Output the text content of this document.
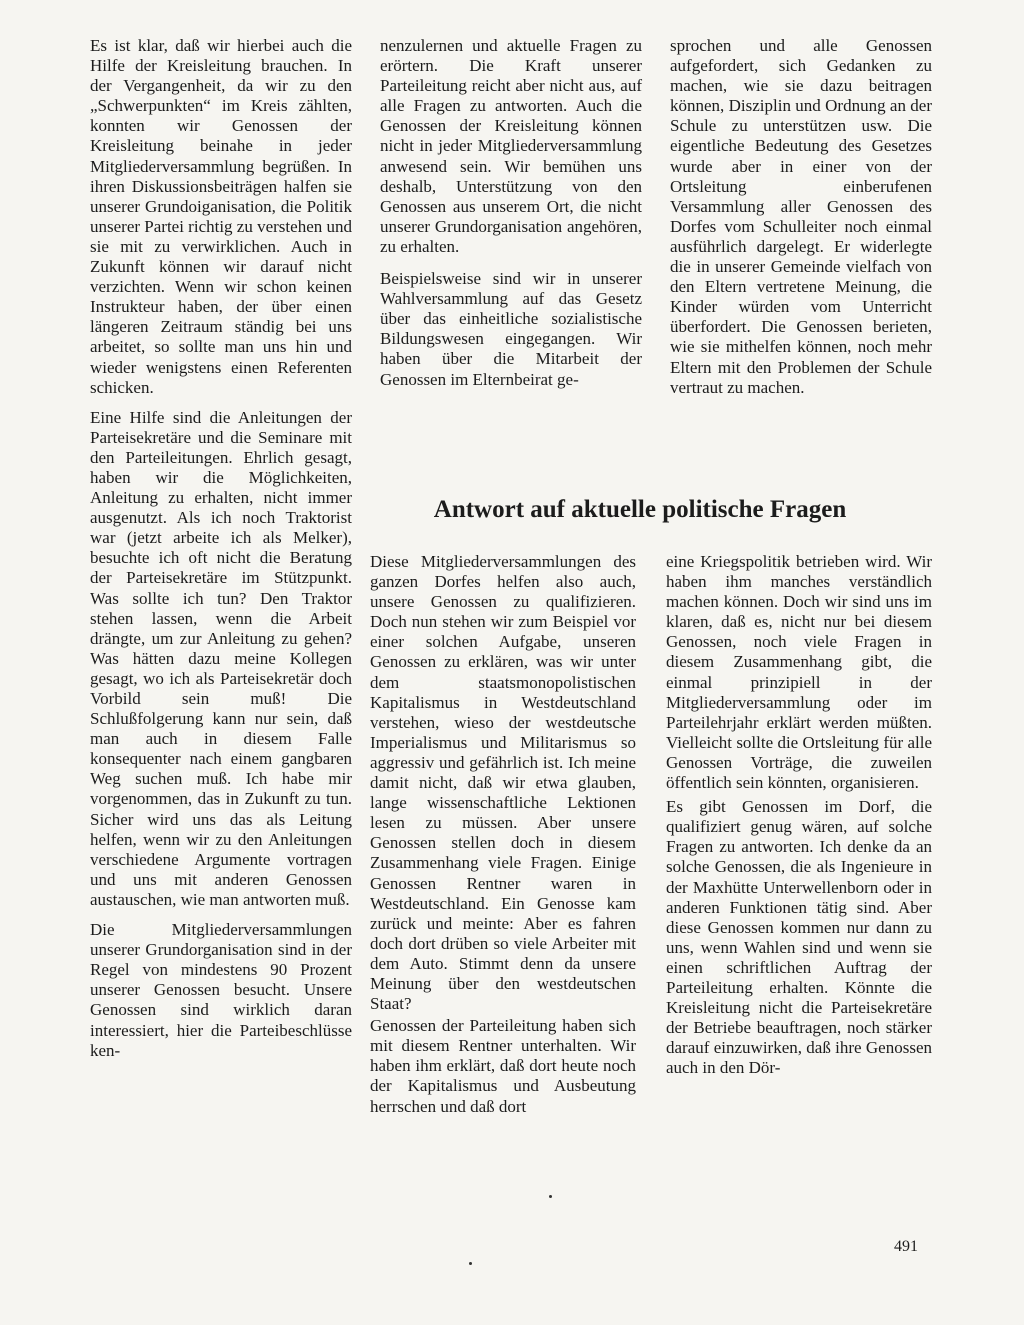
Es ist klar, daß wir hierbei auch die Hilfe der Kreisleitung brauchen. In der Vergangenheit, da wir zu den „Schwerpunkten“ im Kreis zählten, konnten wir Genossen der Kreisleitung beinahe in jeder Mitgliederversammlung begrüßen. In ihren Diskussionsbeiträgen halfen sie unserer Grundoiganisation, die Politik unserer Partei richtig zu verstehen und sie mit zu verwirklichen. Auch in Zukunft können wir darauf nicht verzichten. Wenn wir schon keinen Instrukteur haben, der über einen längeren Zeitraum ständig bei uns arbeitet, so sollte man uns hin und wieder wenigstens einen Referenten schicken.

Eine Hilfe sind die Anleitungen der Parteisekretäre und die Seminare mit den Parteileitungen. Ehrlich gesagt, haben wir die Möglichkeiten, Anleitung zu erhalten, nicht immer ausgenutzt. Als ich noch Traktorist war (jetzt arbeite ich als Melker), besuchte ich oft nicht die Beratung der Parteisekretäre im Stützpunkt. Was sollte ich tun? Den Traktor stehen lassen, wenn die Arbeit drängte, um zur Anleitung zu gehen? Was hätten dazu meine Kollegen gesagt, wo ich als Parteisekretär doch Vorbild sein muß! Die Schlußfolgerung kann nur sein, daß man auch in diesem Falle konsequenter nach einem gangbaren Weg suchen muß. Ich habe mir vorgenommen, das in Zukunft zu tun. Sicher wird uns das als Leitung helfen, wenn wir zu den Anleitungen verschiedene Argumente vortragen und uns mit anderen Genossen austauschen, wie man antworten muß.

Die Mitgliederversammlungen unserer Grundorganisation sind in der Regel von mindestens 90 Prozent unserer Genossen besucht. Unsere Genossen sind wirklich daran interessiert, hier die Parteibeschlüsse ken-

nenzulernen und aktuelle Fragen zu erörtern. Die Kraft unserer Parteileitung reicht aber nicht aus, auf alle Fragen zu antworten. Auch die Genossen der Kreisleitung können nicht in jeder Mitgliederversammlung anwesend sein. Wir bemühen uns deshalb, Unterstützung von den Genossen aus unserem Ort, die nicht unserer Grundorganisation angehören, zu erhalten.

Beispielsweise sind wir in unserer Wahlversammlung auf das Gesetz über das einheitliche sozialistische Bildungswesen eingegangen. Wir haben über die Mitarbeit der Genossen im Elternbeirat ge-

sprochen und alle Genossen aufgefordert, sich Gedanken zu machen, wie sie dazu beitragen können, Disziplin und Ordnung an der Schule zu unterstützen usw. Die eigentliche Bedeutung des Gesetzes wurde aber in einer von der Ortsleitung einberufenen Versammlung aller Genossen des Dorfes vom Schulleiter noch einmal ausführlich dargelegt. Er widerlegte die in unserer Gemeinde vielfach von den Eltern vertretene Meinung, die Kinder würden vom Unterricht überfordert. Die Genossen berieten, wie sie mithelfen können, noch mehr Eltern mit den Problemen der Schule vertraut zu machen.

Antwort auf aktuelle politische Fragen

Diese Mitgliederversammlungen des ganzen Dorfes helfen also auch, unsere Genossen zu qualifizieren. Doch nun stehen wir zum Beispiel vor einer solchen Aufgabe, unseren Genossen zu erklären, was wir unter dem staatsmonopolistischen Kapitalismus in Westdeutschland verstehen, wieso der westdeutsche Imperialismus und Militarismus so aggressiv und gefährlich ist. Ich meine damit nicht, daß wir etwa glauben, lange wissenschaftliche Lektionen lesen zu müssen. Aber unsere Genossen stellen doch in diesem Zusammenhang viele Fragen. Einige Genossen Rentner waren in Westdeutschland. Ein Genosse kam zurück und meinte: Aber es fahren doch dort drüben so viele Arbeiter mit dem Auto. Stimmt denn da unsere Meinung über den westdeutschen Staat?

Genossen der Parteileitung haben sich mit diesem Rentner unterhalten. Wir haben ihm erklärt, daß dort heute noch der Kapitalismus und Ausbeutung herrschen und daß dort

eine Kriegspolitik betrieben wird. Wir haben ihm manches verständlich machen können. Doch wir sind uns im klaren, daß es, nicht nur bei diesem Genossen, noch viele Fragen in diesem Zusammenhang gibt, die einmal prinzipiell in der Mitgliederversammlung oder im Parteilehrjahr erklärt werden müßten. Vielleicht sollte die Ortsleitung für alle Genossen Vorträge, die zuweilen öffentlich sein könnten, organisieren.

Es gibt Genossen im Dorf, die qualifiziert genug wären, auf solche Fragen zu antworten. Ich denke da an solche Genossen, die als Ingenieure in der Maxhütte Unterwellenborn oder in anderen Funktionen tätig sind. Aber diese Genossen kommen nur dann zu uns, wenn Wahlen sind und wenn sie einen schriftlichen Auftrag der Parteileitung erhalten. Könnte die Kreisleitung nicht die Parteisekretäre der Betriebe beauftragen, noch stärker darauf einzuwirken, daß ihre Genossen auch in den Dör-

491
